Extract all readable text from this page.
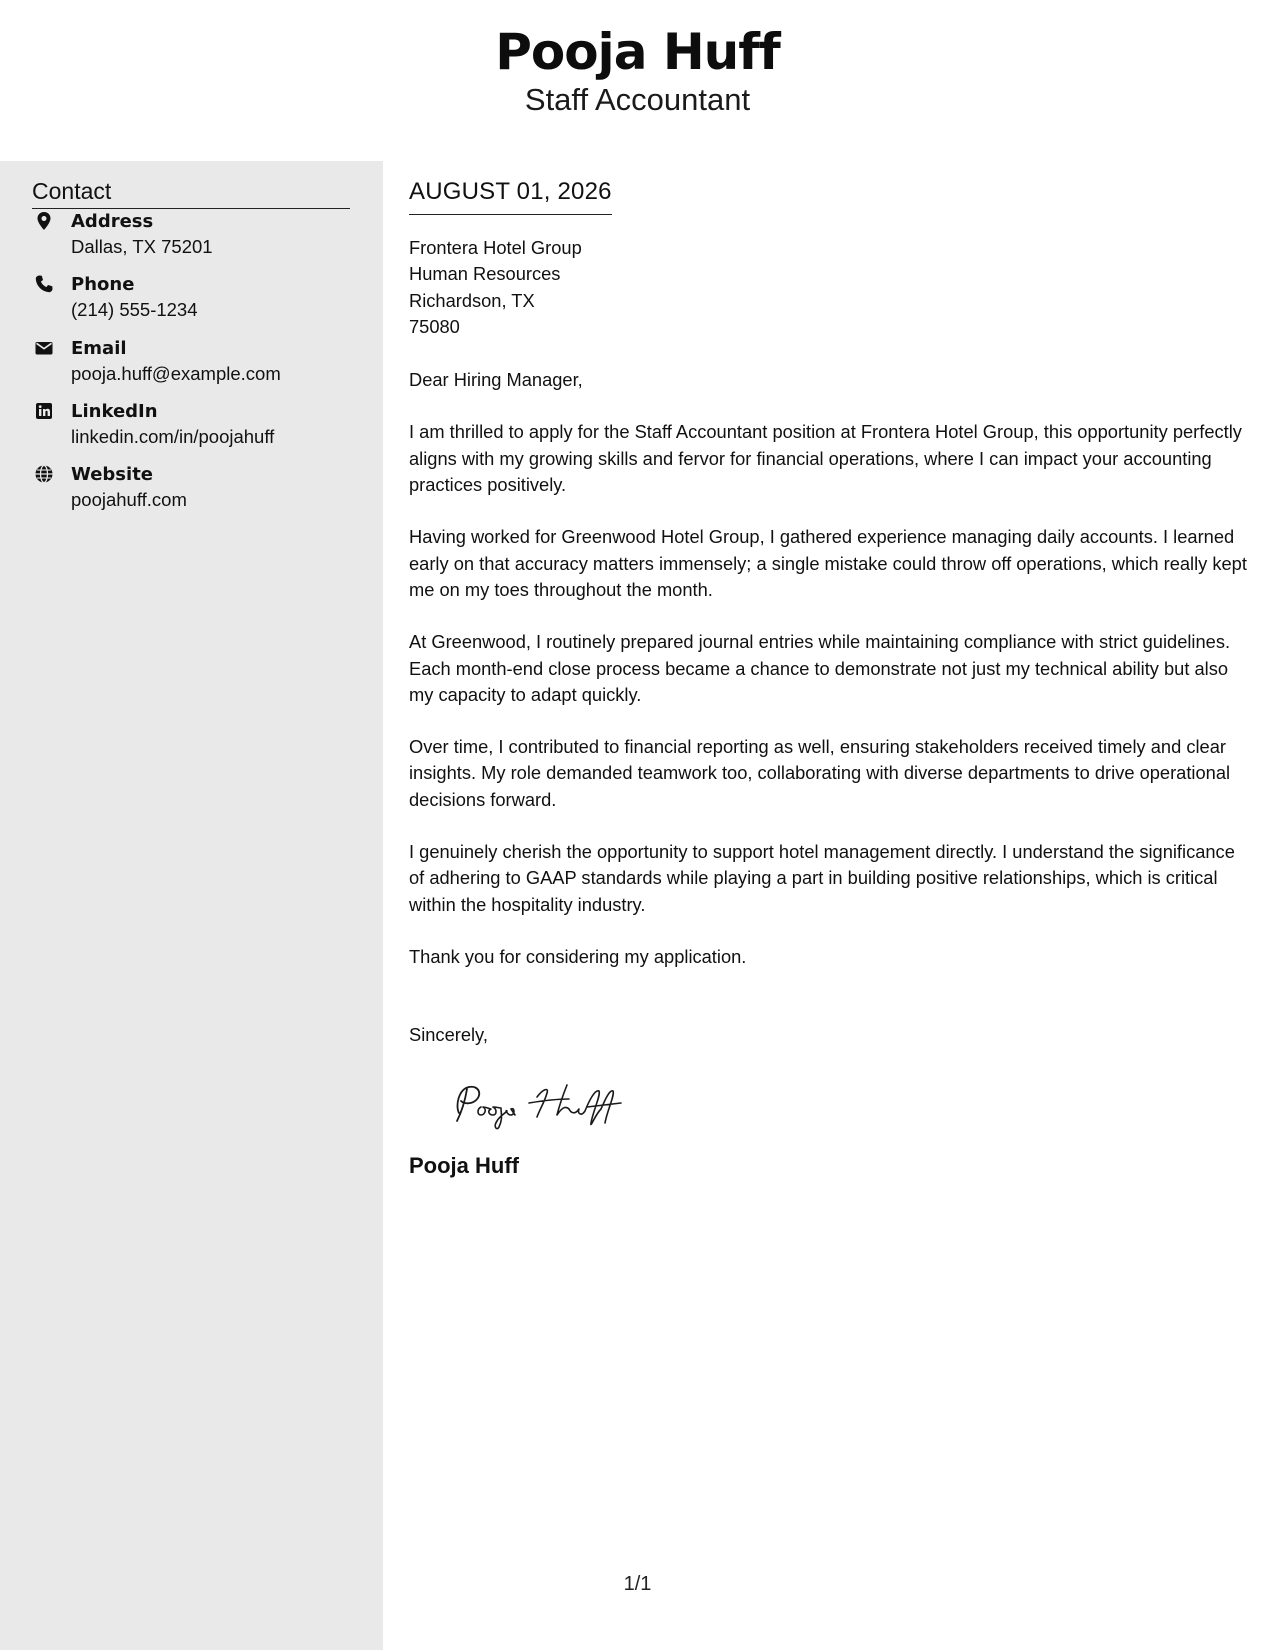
Pooja Huff
Staff Accountant
Contact
Address
Dallas, TX 75201
Phone
(214) 555-1234
Email
pooja.huff@example.com
LinkedIn
linkedin.com/in/poojahuff
Website
poojahuff.com
AUGUST 01, 2026
Frontera Hotel Group
Human Resources
Richardson, TX
75080
Dear Hiring Manager,
I am thrilled to apply for the Staff Accountant position at Frontera Hotel Group, this opportunity perfectly aligns with my growing skills and fervor for financial operations, where I can impact your accounting practices positively.
Having worked for Greenwood Hotel Group, I gathered experience managing daily accounts. I learned early on that accuracy matters immensely; a single mistake could throw off operations, which really kept me on my toes throughout the month.
At Greenwood, I routinely prepared journal entries while maintaining compliance with strict guidelines. Each month-end close process became a chance to demonstrate not just my technical ability but also my capacity to adapt quickly.
Over time, I contributed to financial reporting as well, ensuring stakeholders received timely and clear insights. My role demanded teamwork too, collaborating with diverse departments to drive operational decisions forward.
I genuinely cherish the opportunity to support hotel management directly. I understand the significance of adhering to GAAP standards while playing a part in building positive relationships, which is critical within the hospitality industry.
Thank you for considering my application.
Sincerely,
Pooja Huff
1/1
